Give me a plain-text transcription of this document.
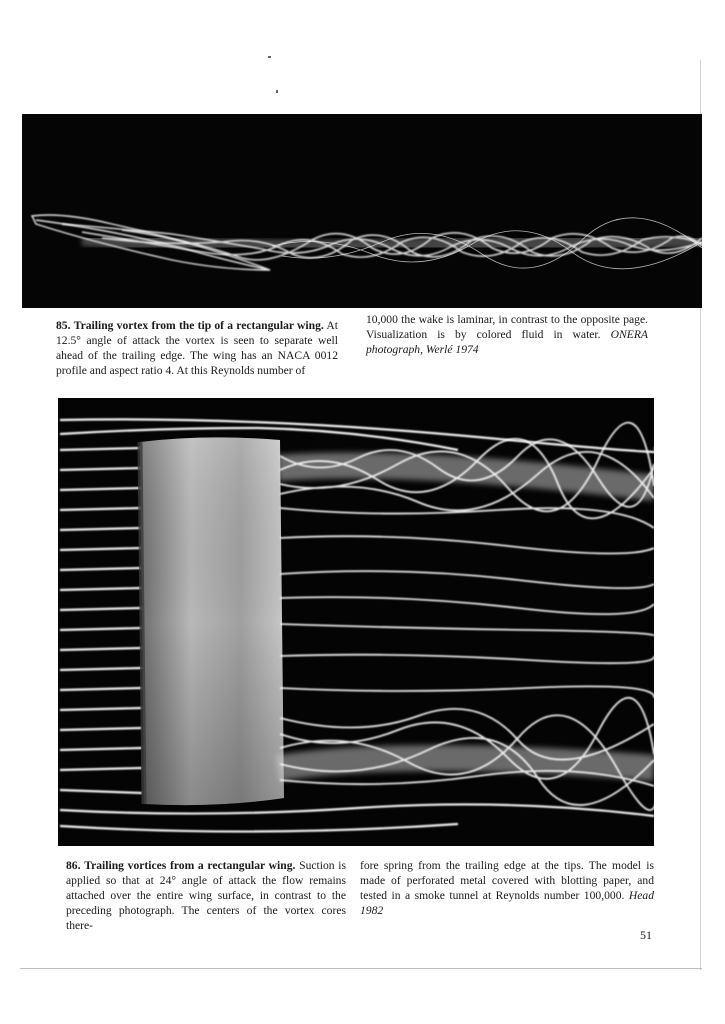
85. Trailing vortex from the tip of a rectangular wing. At 12.5° angle of attack the vortex is seen to separate well ahead of the trailing edge. The wing has an NACA 0012 profile and aspect ratio 4. At this Reynolds number of
10,000 the wake is laminar, in contrast to the opposite page. Visualization is by colored fluid in water. ONERA photograph, Werlé 1974
86. Trailing vortices from a rectangular wing. Suction is applied so that at 24° angle of attack the flow remains attached over the entire wing surface, in contrast to the preceding photograph. The centers of the vortex cores there-
fore spring from the trailing edge at the tips. The model is made of perforated metal covered with blotting paper, and tested in a smoke tunnel at Reynolds number 100,000. Head 1982
51
